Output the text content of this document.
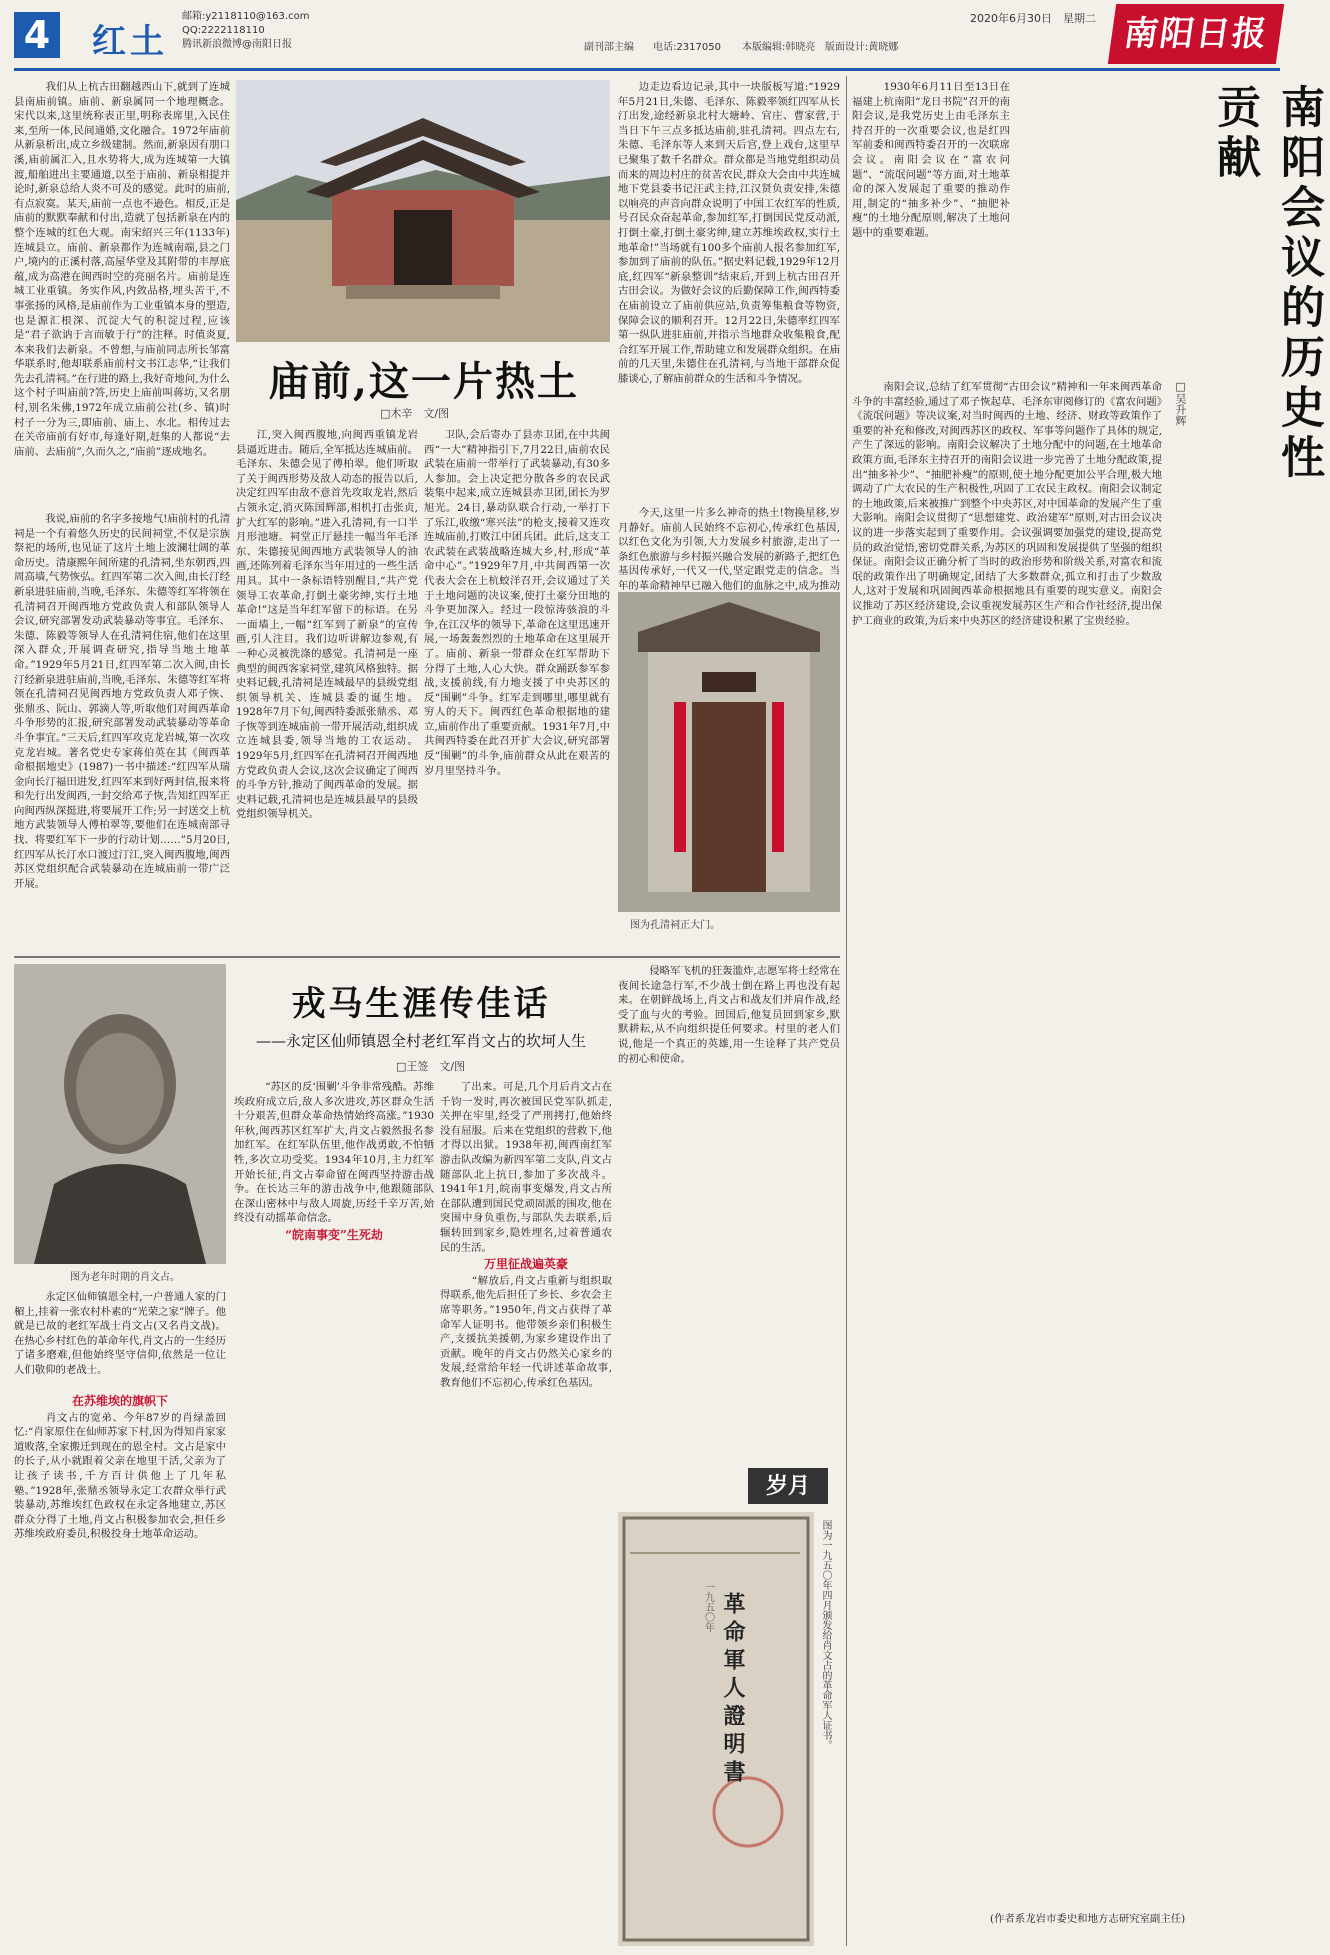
4 红土
邮箱:y2118110@163.com
QQ:2222118110
腾讯新浪微博@南阳日报	副刊部主编 电话:2317050 本版编辑:韩晓亮 版面设计:黄晓娜
2020年6月30日　星期二 南阳日报

　我们从上杭古田翻越西山下,就到了连城县南庙前镇。庙前、新泉属同一个地理概念。宋代以来,这里统称表正里,明称表席里,入民住来,至所一体,民间通婚,文化融合。1972年庙前从新泉析出,成立乡级建制。然而,新泉因有朋口溪,庙前属汇入,且水势将大,成为连城第一大镇渡,船舶进出主要通道,以至于庙前、新泉相提并论时,新泉总给人炎不可及的感觉。此时的庙前,有点寂寞。某天,庙前一点也不逊色。相反,正是庙前的默默奉献和付出,造就了包括新泉在内的整个连城的红色大观。南宋绍兴三年(1133年)连城县立。庙前、新泉都作为连城南端,县之门户,境内的正溪村落,高屋华堂及其附带的丰厚底蕴,成为高港在闽西时空的亮丽名片。庙前是连城工业重镇。务实作风,内敛品格,埋头苦干,不事张扬的风格,是庙前作为工业重镇本身的塑造,也是源汇根深、沉淀大气的积淀过程,应该是“君子欲讷于言而敏于行”的注释。时值炎夏,本来我们去新泉。不曾想,与庙前同志所长邹富华联系时,他却联系庙前村文书江志华,“让我们先去孔清祠。”在行进的路上,我好奇地问,为什么这个村子叫庙前?答,历史上庙前叫蒋坊,又名朋村,别名朱佛,1972年成立庙前公社(乡、镇)时村子一分为三,即庙前、庙上、水北。相传过去在关帝庙前有好市,每逢好期,赶集的人都说“去庙前、去庙前”,久而久之,“庙前”逐成地名。

庙前,这一片热土
□木辛　文/图

　我说,庙前的名字多接地气!庙前村的孔清祠是一个有着悠久历史的民间祠堂,不仅是宗族祭祀的场所,也见证了这片土地上波澜壮阔的革命历史。清康熙年间所建的孔清祠,坐东朝西,四周高墙,气势恢弘。红四军第二次入闽,由长汀经新泉进驻庙前,当晚,毛泽东、朱德等红军将领在孔清祠召开闽西地方党政负责人和部队领导人会议,研究部署发动武装暴动等事宜。毛泽东、朱德、陈毅等领导人在孔清祠住宿,他们在这里深入群众,开展调查研究,指导当地土地革命。”1929年5月21日,红四军第二次入闽,由长汀经新泉进驻庙前,当晚,毛泽东、朱德等红军将领在孔清祠召见闽西地方党政负责人邓子恢、张鼎丞、阮山、郭滴人等,听取他们对闽西革命斗争形势的汇报,研究部署发动武装暴动等革命斗争事宜。”三天后,红四军攻克龙岩城,第一次攻克龙岩城。著名党史专家蒋伯英在其《闽西革命根据地史》(1987)一书中描述:“红四军从瑞金向长汀福田进发,红四军来到好两封信,报来将和先行出发闽西,一封交给邓子恢,告知红四军正向闽西纵深挺进,将要展开工作;另一封送交上杭地方武装领导人傅柏翠等,要他们在连城南部寻找、将要红军下一步的行动计划……”5月20日,红四军从长汀水口渡过汀江,突入闽西腹地,闽西苏区党组织配合武装暴动在连城庙前一带广泛开展。

江,突入闽西腹地,向闽西重镇龙岩县逼近进击。随后,全军抵达连城庙前。毛泽东、朱德会见了傅柏翠。他们听取了关于闽西形势及敌人动态的报告以后,决定红四军由敌不意首先攻取龙岩,然后占领永定,消灭陈国辉部,相机打击张贞,扩大红军的影响。”进入孔清祠,有一口半月形池塘。祠堂正厅悬挂一幅当年毛泽东、朱德接见闽西地方武装领导人的油画,还陈列着毛泽东当年用过的一些生活用具。其中一条标语特别醒目,“共产党领导工农革命,打倒土豪劣绅,实行土地革命!”这是当年红军留下的标语。在另一面墙上,一幅“红军到了新泉”的宣传画,引人注目。我们边听讲解边参观,有一种心灵被洗涤的感觉。孔清祠是一座典型的闽西客家祠堂,建筑风格独特。据史料记载,孔清祠是连城最早的县级党组织领导机关、连城县委的诞生地。1928年7月下旬,闽西特委派张鼎丞、邓子恢等到连城庙前一带开展活动,组织成立连城县委,领导当地的工农运动。1929年5月,红四军在孔清祠召开闽西地方党政负责人会议,这次会议确定了闽西的斗争方针,推动了闽西革命的发展。据史料记载,孔清祠也是连城县最早的县级党组织领导机关。

卫队,会后寄办了县赤卫团,在中共闽西“一大”精神指引下,7月22日,庙前农民武装在庙前一带举行了武装暴动,有30多人参加。会上决定把分散各乡的农民武装集中起来,成立连城县赤卫团,团长为罗旭光。24日,暴动队联合行动,一举打下了乐江,收缴“寒兴法”的枪支,接着又连攻连城庙前,打败江中团兵团。此后,这支工农武装在武装战略连城大乡,村,形成“革命中心”。”1929年7月,中共闽西第一次代表大会在上杭蛟洋召开,会议通过了关于土地问题的决议案,使打土豪分田地的斗争更加深入。经过一段惊涛骇浪的斗争,在江汉华的领导下,革命在这里迅速开展,一场轰轰烈烈的土地革命在这里展开了。庙前、新泉一带群众在红军帮助下分得了土地,人心大快。群众踊跃参军参战,支援前线,有力地支援了中央苏区的反“围剿”斗争。红军走到哪里,哪里就有穷人的天下。闽西红色革命根据地的建立,庙前作出了重要贡献。1931年7月,中共闽西特委在此召开扩大会议,研究部署反“围剿”的斗争,庙前群众从此在艰苦的岁月里坚持斗争。

边走边看边记录,其中一块版板写道:“1929年5月21日,朱德、毛泽东、陈毅率领红四军从长汀出发,途经新泉北村大塘岭、官庄、曹家营,于当日下午三点多抵达庙前,驻孔清祠。四点左右,朱德、毛泽东等人来到天后宫,登上戏台,这里早已聚集了数千名群众。群众都是当地党组织动员而来的周边村庄的贫苦农民,群众大会由中共连城地下党县委书记汪武主持,江汉贤负责安排,朱德以响亮的声音向群众说明了中国工农红军的性质,号召民众奋起革命,参加红军,打倒国民党反动派,打倒土豪,打倒土豪劣绅,建立苏维埃政权,实行土地革命!”当场就有100多个庙前人报名参加红军,参加到了庙前的队伍。”据史料记载,1929年12月底,红四军“新泉整训”结束后,开到上杭古田召开古田会议。为做好会议的后勤保障工作,闽西特委在庙前设立了庙前供应站,负责筹集粮食等物资,保障会议的顺利召开。12月22日,朱德率红四军第一纵队进驻庙前,并指示当地群众收集粮食,配合红军开展工作,帮助建立和发展群众组织。在庙前的几天里,朱德住在孔清祠,与当地干部群众促膝谈心,了解庙前群众的生活和斗争情况。

今天,这里一片多么神奇的热土!物换星移,岁月静好。庙前人民始终不忘初心,传承红色基因,以红色文化为引领,大力发展乡村旅游,走出了一条红色旅游与乡村振兴融合发展的新路子,把红色基因传承好,一代又一代,坚定跟党走的信念。当年的革命精神早已融入他们的血脉之中,成为推动

图为孔清祠正大门。

　1930年6月11日至13日在福建上杭南阳“龙日书院”召开的南阳会议,是我党历史上由毛泽东主持召开的一次重要会议,也是红四军前委和闽西特委召开的一次联席会议。南阳会议在“富农问题”、“流氓问题”等方面,对土地革命的深入发展起了重要的推动作用,制定的“抽多补少”、“抽肥补瘦”的土地分配原则,解决了土地问题中的重要难题。	南阳会议的历史性贡献
□吴升辉

　南阳会议,总结了红军贯彻“古田会议”精神和一年来闽西革命斗争的丰富经验,通过了邓子恢起草、毛泽东审阅修订的《富农问题》《流氓问题》等决议案,对当时闽西的土地、经济、财政等政策作了重要的补充和修改,对闽西苏区的政权、军事等问题作了具体的规定,产生了深远的影响。南阳会议解决了土地分配中的问题,在土地革命政策方面,毛泽东主持召开的南阳会议进一步完善了土地分配政策,提出“抽多补少”、“抽肥补瘦”的原则,使土地分配更加公平合理,极大地调动了广大农民的生产积极性,巩固了工农民主政权。南阳会议制定的土地政策,后来被推广到整个中央苏区,对中国革命的发展产生了重大影响。南阳会议贯彻了“思想建党、政治建军”原则,对古田会议决议的进一步落实起到了重要作用。会议强调要加强党的建设,提高党员的政治觉悟,密切党群关系,为苏区的巩固和发展提供了坚强的组织保证。南阳会议正确分析了当时的政治形势和阶级关系,对富农和流氓的政策作出了明确规定,团结了大多数群众,孤立和打击了少数敌人,这对于发展和巩固闽西革命根据地具有重要的现实意义。南阳会议推动了苏区经济建设,会议重视发展苏区生产和合作社经济,提出保护工商业的政策,为后来中央苏区的经济建设积累了宝贵经验。

(作者系龙岩市委史和地方志研究室副主任)

图为老年时期的肖文占。
戎马生涯传佳话
——永定区仙师镇恩全村老红军肖文占的坎坷人生
□王签　文/图

　永定区仙师镇恩全村,一户普通人家的门楣上,挂着一张农村朴素的“光荣之家”牌子。他就是已故的老红军战士肖文占(又名肖文战)。在热心乡村红色的革命年代,肖文占的一生经历了诸多磨难,但他始终坚守信仰,依然是一位让人们敬仰的老战士。

在苏维埃的旗帜下

　肖文占的宽弟、今年87岁的肖绿盖回忆:“肖家原住在仙师苏家下村,因为得知肖家家道败落,全家搬迁到现在的恩全村。文占是家中的长子,从小就跟着父亲在地里干活,父亲为了让孩子读书,千方百计供他上了几年私塾。”1928年,张鼎丞领导永定工农群众举行武装暴动,苏维埃红色政权在永定各地建立,苏区群众分得了土地,肖文占积极参加农会,担任乡苏维埃政府委员,积极投身土地革命运动。

　“苏区的反‘围剿’斗争非常残酷。苏维埃政府成立后,敌人多次进攻,苏区群众生活十分艰苦,但群众革命热情始终高涨。”1930年秋,闽西苏区红军扩大,肖文占毅然报名参加红军。在红军队伍里,他作战勇敢,不怕牺牲,多次立功受奖。1934年10月,主力红军开始长征,肖文占奉命留在闽西坚持游击战争。在长达三年的游击战争中,他跟随部队在深山密林中与敌人周旋,历经千辛万苦,始终没有动摇革命信念。

“皖南事变”生死劫

了出来。可是,几个月后肖文占在千钧一发时,再次被国民党军队抓走,关押在牢里,经受了严刑拷打,他始终没有屈服。后来在党组织的营救下,他才得以出狱。1938年初,闽西南红军游击队改编为新四军第二支队,肖文占随部队北上抗日,参加了多次战斗。1941年1月,皖南事变爆发,肖文占所在部队遭到国民党顽固派的围攻,他在突围中身负重伤,与部队失去联系,后辗转回到家乡,隐姓埋名,过着普通农民的生活。

万里征战遍英豪

　“解放后,肖文占重新与组织取得联系,他先后担任了乡长、乡农会主席等职务。”1950年,肖文占获得了革命军人证明书。他带领乡亲们积极生产,支援抗美援朝,为家乡建设作出了贡献。晚年的肖文占仍然关心家乡的发展,经常给年轻一代讲述革命故事,教育他们不忘初心,传承红色基因。

　侵略军飞机的狂轰滥炸,志愿军将士经常在夜间长途急行军,不少战士倒在路上再也没有起来。在朝鲜战场上,肖文占和战友们并肩作战,经受了血与火的考验。回国后,他复员回到家乡,默默耕耘,从不向组织提任何要求。村里的老人们说,他是一个真正的英雄,用一生诠释了共产党员的初心和使命。

岁月
一九五〇年 革命軍人證明書	图为一九五〇年四月颁发给肖文占的革命军人证书。
